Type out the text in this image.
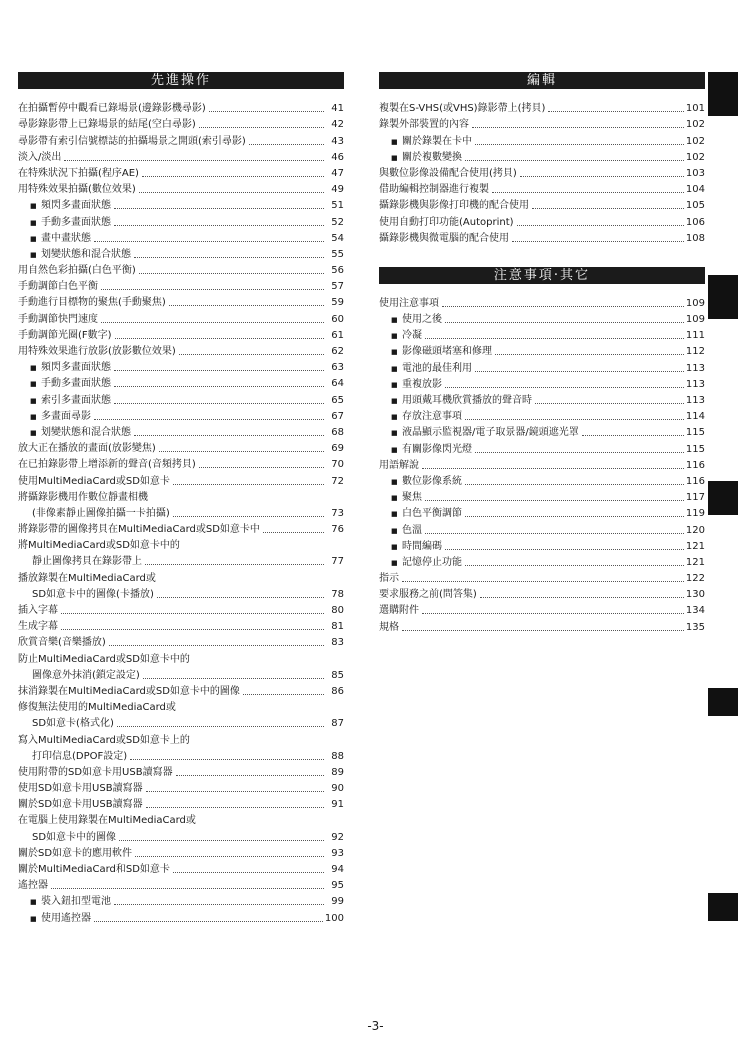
先進操作
在拍攝暫停中觀看已錄場景(邊錄影機尋影)	41
尋影錄影帶上已錄場景的結尾(空白尋影)	42
尋影帶有索引信號標誌的拍攝場景之開頭(索引尋影)	43
淡入/淡出	46
在特殊狀況下拍攝(程序AE)	47
用特殊效果拍攝(數位效果)	49
■ 頻閃多畫面狀態	51
■ 手動多畫面狀態	52
■ 畫中畫狀態	54
■ 划變狀態和混合狀態	55
用自然色彩拍攝(白色平衡)	56
手動調節白色平衡	57
手動進行目標物的聚焦(手動聚焦)	59
手動調節快門速度	60
手動調節光圈(F數字)	61
用特殊效果進行放影(放影數位效果)	62
■ 頻閃多畫面狀態	63
■ 手動多畫面狀態	64
■ 索引多畫面狀態	65
■ 多畫面尋影	67
■ 划變狀態和混合狀態	68
放大正在播放的畫面(放影變焦)	69
在已拍錄影帶上增添新的聲音(音頻拷貝)	70
使用MultiMediaCard或SD如意卡	72
將攝錄影機用作數位靜畫相機
(非像素靜止圖像拍攝一卡拍攝)	73
將錄影帶的圖像拷貝在MultiMediaCard或SD如意卡中	76
將MultiMediaCard或SD如意卡中的
靜止圖像拷貝在錄影帶上	77
播放錄製在MultiMediaCard或
SD如意卡中的圖像(卡播放)	78
插入字幕	80
生成字幕	81
欣賞音樂(音樂播放)	83
防止MultiMediaCard或SD如意卡中的
圖像意外抹消(鎖定設定)	85
抹消錄製在MultiMediaCard或SD如意卡中的圖像	86
修復無法使用的MultiMediaCard或
SD如意卡(格式化)	87
寫入MultiMediaCard或SD如意卡上的
打印信息(DPOF設定)	88
使用附帶的SD如意卡用USB讀寫器	89
使用SD如意卡用USB讀寫器	90
關於SD如意卡用USB讀寫器	91
在電腦上使用錄製在MultiMediaCard或
SD如意卡中的圖像	92
關於SD如意卡的應用軟件	93
關於MultiMediaCard和SD如意卡	94
遙控器	95
■ 裝入鈕扣型電池	99
■ 使用遙控器	100
編輯
複製在S-VHS(或VHS)錄影帶上(拷貝)	101
錄製外部裝置的內容	102
■ 關於錄製在卡中	102
■ 關於複數變換	102
與數位影像設備配合使用(拷貝)	103
借助編輯控制器進行複製	104
攝錄影機與影像打印機的配合使用	105
使用自動打印功能(Autoprint)	106
攝錄影機與微電腦的配合使用	108
注意事項·其它
使用注意事項	109
■ 使用之後	109
■ 冷凝	111
■ 影像磁頭堵塞和修理	112
■ 電池的最佳利用	113
■ 重複放影	113
■ 用頭戴耳機欣賞播放的聲音時	113
■ 存放注意事項	114
■ 液晶顯示監視器/電子取景器/鏡頭遮光罩	115
■ 有關影像閃光燈	115
用語解說	116
■ 數位影像系統	116
■ 聚焦	117
■ 白色平衡調節	119
■ 色溫	120
■ 時間編碼	121
■ 記憶停止功能	121
指示	122
要求服務之前(問答集)	130
選購附件	134
規格	135
-3-
